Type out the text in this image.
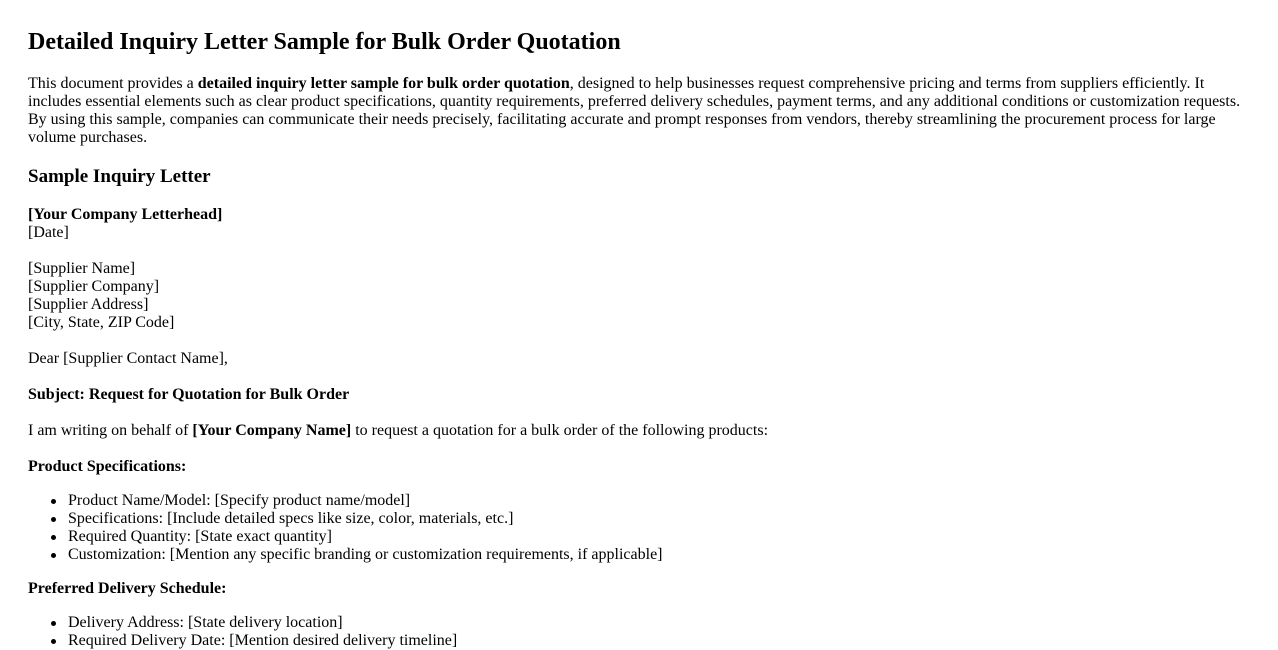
Detailed Inquiry Letter Sample for Bulk Order Quotation

This document provides a detailed inquiry letter sample for bulk order quotation, designed to help businesses request comprehensive pricing and terms from suppliers efficiently. It includes essential elements such as clear product specifications, quantity requirements, preferred delivery schedules, payment terms, and any additional conditions or customization requests. By using this sample, companies can communicate their needs precisely, facilitating accurate and prompt responses from vendors, thereby streamlining the procurement process for large volume purchases.

Sample Inquiry Letter
[Your Company Letterhead]
[Date]
[Supplier Name]
[Supplier Company]
[Supplier Address]
[City, State, ZIP Code]
Dear [Supplier Contact Name],
Subject: Request for Quotation for Bulk Order
I am writing on behalf of [Your Company Name] to request a quotation for a bulk order of the following products:
Product Specifications:
Product Name/Model: [Specify product name/model]
Specifications: [Include detailed specs like size, color, materials, etc.]
Required Quantity: [State exact quantity]
Customization: [Mention any specific branding or customization requirements, if applicable]
Preferred Delivery Schedule:
Delivery Address: [State delivery location]
Required Delivery Date: [Mention desired delivery timeline]
